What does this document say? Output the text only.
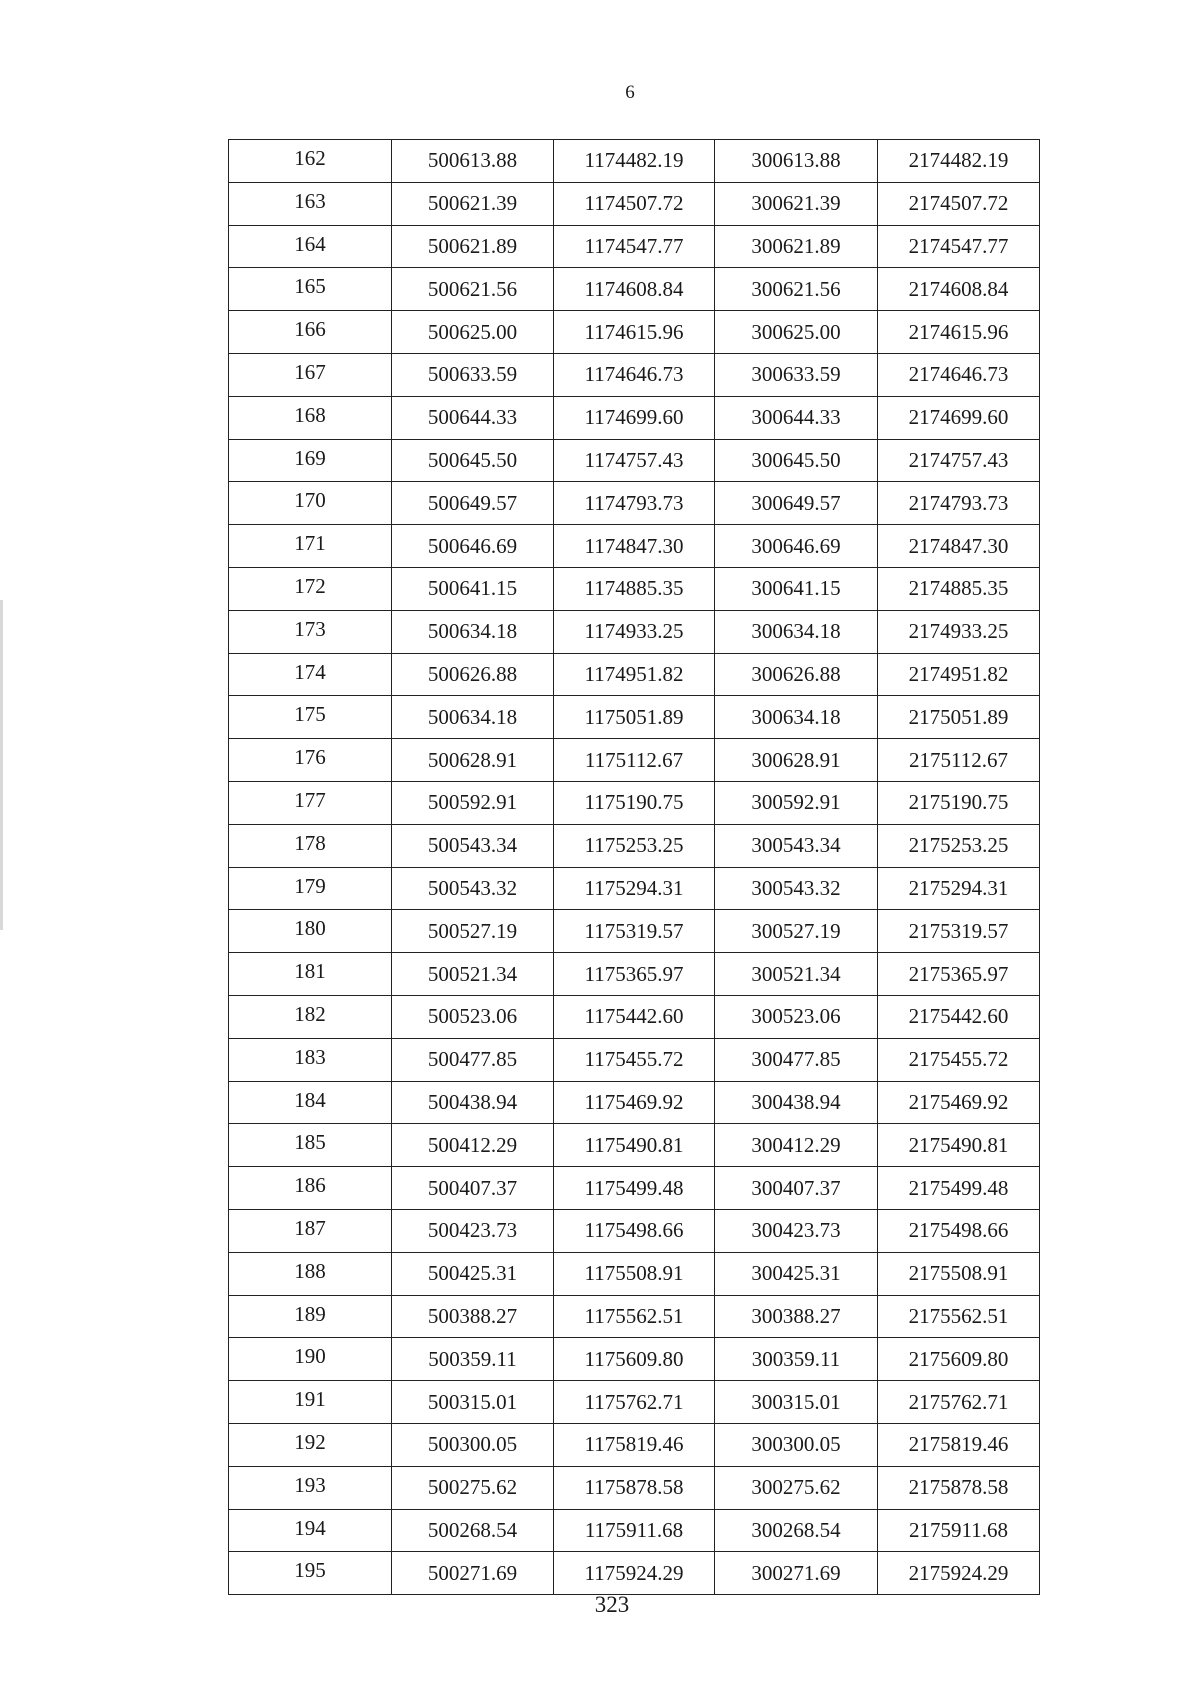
6
162	500613.88	1174482.19	300613.88	2174482.19
163	500621.39	1174507.72	300621.39	2174507.72
164	500621.89	1174547.77	300621.89	2174547.77
165	500621.56	1174608.84	300621.56	2174608.84
166	500625.00	1174615.96	300625.00	2174615.96
167	500633.59	1174646.73	300633.59	2174646.73
168	500644.33	1174699.60	300644.33	2174699.60
169	500645.50	1174757.43	300645.50	2174757.43
170	500649.57	1174793.73	300649.57	2174793.73
171	500646.69	1174847.30	300646.69	2174847.30
172	500641.15	1174885.35	300641.15	2174885.35
173	500634.18	1174933.25	300634.18	2174933.25
174	500626.88	1174951.82	300626.88	2174951.82
175	500634.18	1175051.89	300634.18	2175051.89
176	500628.91	1175112.67	300628.91	2175112.67
177	500592.91	1175190.75	300592.91	2175190.75
178	500543.34	1175253.25	300543.34	2175253.25
179	500543.32	1175294.31	300543.32	2175294.31
180	500527.19	1175319.57	300527.19	2175319.57
181	500521.34	1175365.97	300521.34	2175365.97
182	500523.06	1175442.60	300523.06	2175442.60
183	500477.85	1175455.72	300477.85	2175455.72
184	500438.94	1175469.92	300438.94	2175469.92
185	500412.29	1175490.81	300412.29	2175490.81
186	500407.37	1175499.48	300407.37	2175499.48
187	500423.73	1175498.66	300423.73	2175498.66
188	500425.31	1175508.91	300425.31	2175508.91
189	500388.27	1175562.51	300388.27	2175562.51
190	500359.11	1175609.80	300359.11	2175609.80
191	500315.01	1175762.71	300315.01	2175762.71
192	500300.05	1175819.46	300300.05	2175819.46
193	500275.62	1175878.58	300275.62	2175878.58
194	500268.54	1175911.68	300268.54	2175911.68
195	500271.69	1175924.29	300271.69	2175924.29
323
